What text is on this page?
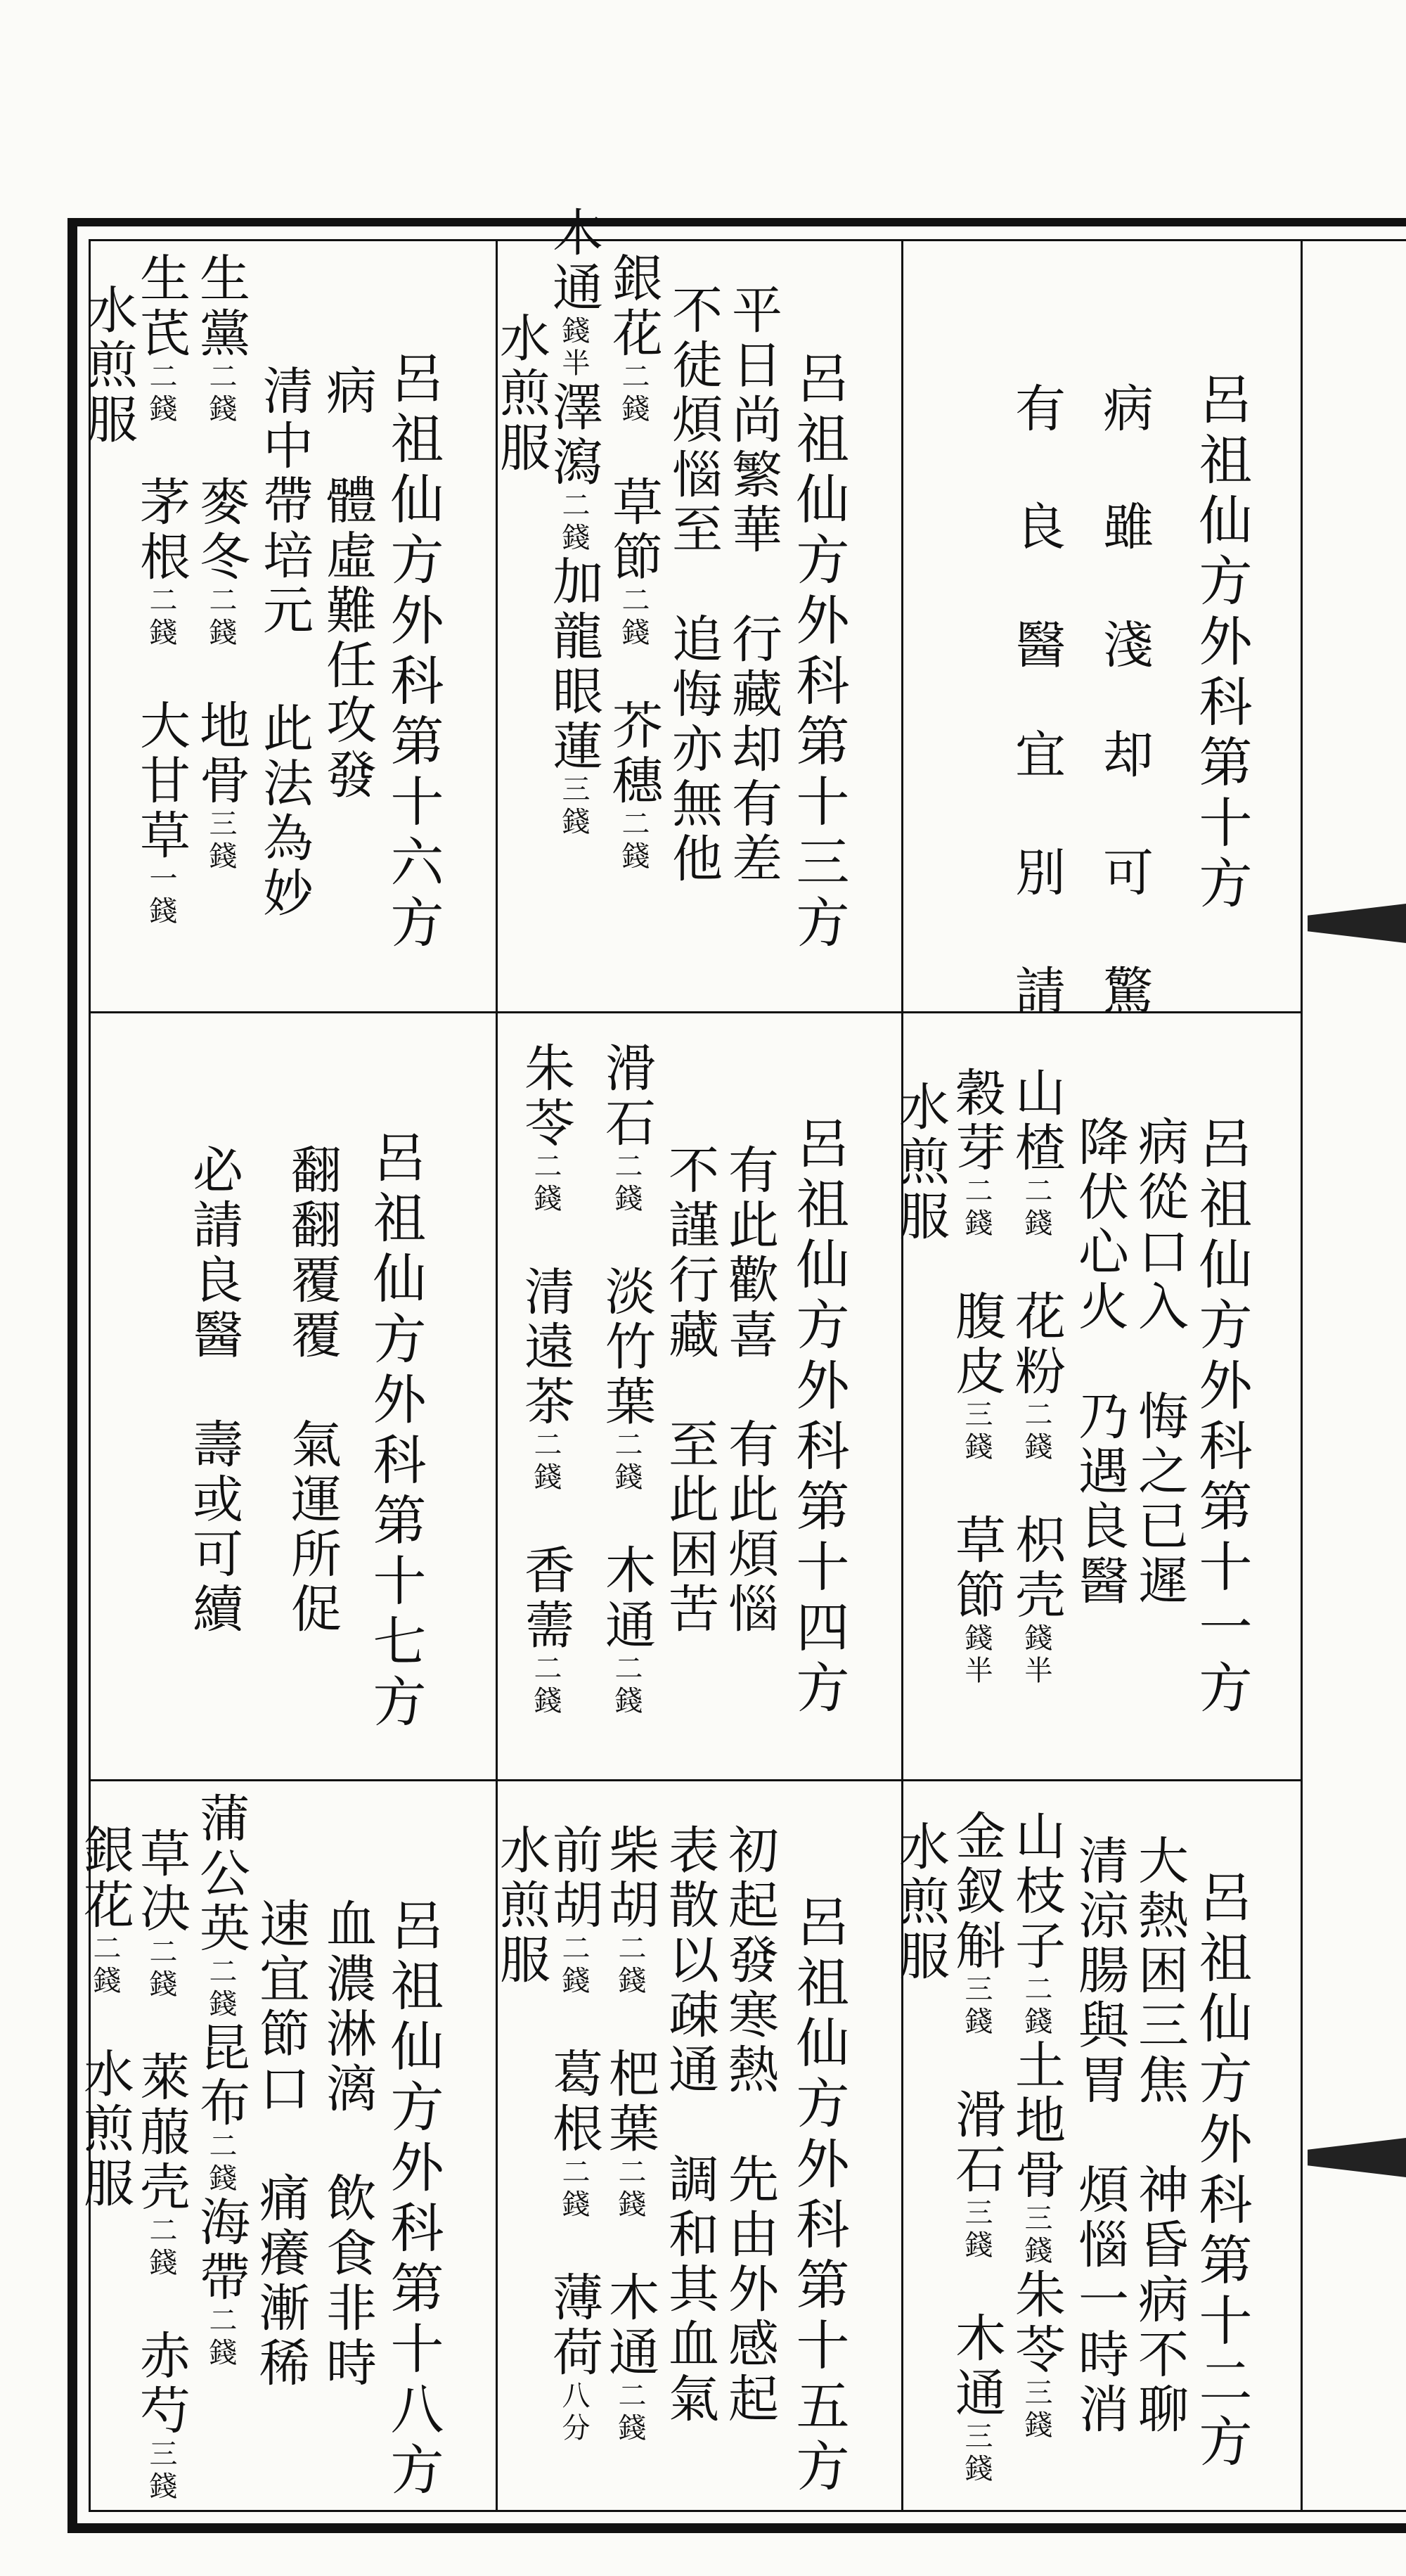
呂祖仙方外科第十方
病 雖 淺　却 可 驚
有 良 醫　宜 別 請
呂祖仙方外科第十三方
平日尚繁華　行藏却有差
不徒煩惱至　追悔亦無他
銀花二錢草節二錢芥穗二錢
木通錢半澤瀉二錢加龍眼蓮三錢
水煎服
呂祖仙方外科第十六方
病　體虛難任攻發
清中帶培元 此法為妙
生黨二錢麥冬二錢地骨三錢
生芪二錢茅根二錢大甘草一錢
水煎服
呂祖仙方外科第十一方
病從口入　悔之已遲
降伏心火　乃遇良醫
山楂二錢花粉二錢枳壳錢半
穀芽二錢腹皮三錢草節錢半
水煎服
呂祖仙方外科第十四方
有此歡喜　有此煩惱
不謹行藏　至此困苦
滑石二錢淡竹葉二錢木通二錢
朱苓二錢清遠茶二錢香薷二錢
呂祖仙方外科第十七方
翻翻覆覆　氣運所促
必請良醫　壽或可續
呂祖仙方外科第十二方
大熱困三焦　神昏病不聊
清涼腸與胃　煩惱一時消
山枝子二錢土地骨三錢朱苓三錢
金釵斛三錢滑石三錢木通三錢
水煎服
呂祖仙方外科第十五方
初起發寒熱　先由外感起
表散以疎通　調和其血氣
柴胡二錢杷葉二錢木通二錢
前胡二錢葛根二錢薄荷八分
水煎服
呂祖仙方外科第十八方
血濃淋漓　飲食非時
速宜節口　痛癢漸稀
蒲公英二錢昆布二錢海帶二錢
草决二錢萊菔壳二錢赤芍三錢
銀花二錢水煎服
